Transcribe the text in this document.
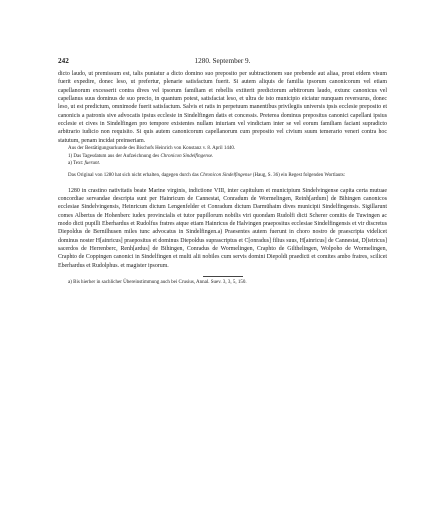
242	1280. September 9.

dicto laudo, ut premissum est, talis puniatur a dicto domino suo preposito per subtractionem sue prebende aut aliaa, prout eidem visum fuerit expedire, donec leso, ut prefertur, plenarie satisfactum fuerit. Si autem aliquis de familia ipsorum canonicorum vel etiam capellanorum excesserit contra dives vel ipsorum familiam et rebellis extiterit predictorum arbitrorum laudo, extunc canonicus vel capellanus suus dominus de suo precio, in quantum potest, satisfaciat leso, et ultra de isto municipio eiciatur nunquam reversurus, donec leso, ut est predictum, omnimode fuerit satisfactum. Salvis et ratis in perpetuum manentibus privilegiis universis ipsis ecclesie preposito et canonicis a patronis sive advocatis ipsius ecclesie in Sindelfingen datis et concessis. Preterea dominus prepositus canonici capellani ipsius ecclesie et cives in Sindelfingen pro tempore existentes nullam iniuriam vel vindictam inter se vel eorum familiam faciant supradicto arbitrario iudicio non requisito. Si quis autem canonicorum capellanorum cum preposito vel civium suum temerario veneri contra hoc statutum, penam incidat preinseriam.

Aus der Bestätigungsurkunde des Bischofs Heinrich von Konstanz v. 8. April 1440.

1) Das Tagesdatum aus der Aufzeichnung des Chronicon Sindelfingense.

a) Text: fuerunt.

Das Original von 1280 hat sich nicht erhalten, dagegen durch das Chronicon Sindelfingense (Haug, S. 36) ein Regest folgenden Wortlauts:

1280 in crastino nativitatis beate Marine virginis, indictione VIII, inter capitulum et municipium Sindelvingense capita certa mutuae concordiae servandae descripta sunt per Hainricum de Cannestat, Conradum de Wormelingen, Reinh[ardum] de Bihingen canonicos ecclesiae Sindelvingensis, Heinricum dictum Lengenfelder et Conradum dictum Darmühaim dives municipii Sindelfingensis. Sigillarunt comes Albertus de Hohenberc iudex provincialis et tutor pupillorum nobilis viri quondam Rudolfi dicti Scherer comitis de Tuwingen ac modo dicti pupilli Eberhardus et Rudolfus fratres atque etiam Hainricus de Halvingen praepositus ecclesiae Sindelfingensis et vir discretus Diepoldus de Bernilhusen miles tunc advocatus in Sindelfingen.a) Praesentes autem fuerunt in choro nostro de praescripta videlicet dominus noster H[ainricus] praepositus et dominus Diepoldus suprascriptus et C[onradus] filius suus, H[ainricus] de Cannestat, D[ietricus] sacerdos de Herrenberc, Renh[ardus] de Bihingen, Conradus de Wormelingen, Craphto de Gilthelingen, Wolpoho de Wormelingen, Craphto de Coppingen canonici in Sindelfingen et multi alii nobiles cum servis domini Diepoldi praedicti et comites ambo fratres, scilicet Eberhardus et Rudolphus. et magister ipsorum.

a) Bis hierher in sachlicher Übereinstimmung auch bei Crusius, Annal. Suev. 3, 3, 5, 150.
